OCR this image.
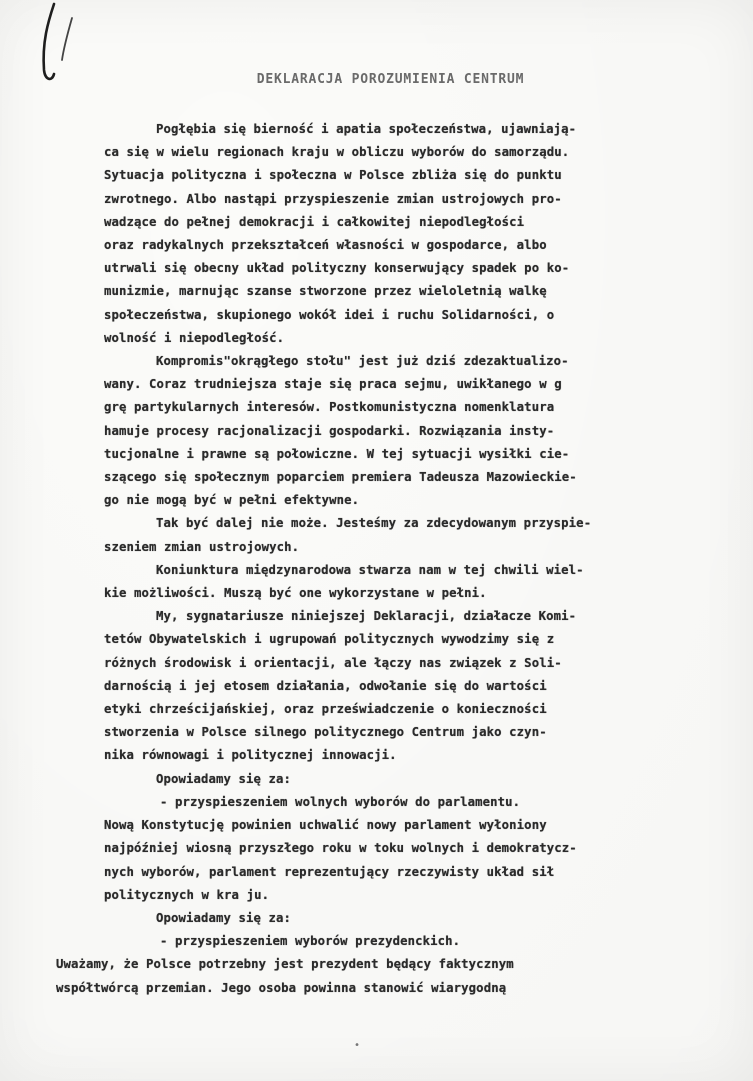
DEKLARACJA POROZUMIENIA CENTRUM
Pogłębia się bierność i apatia społeczeństwa, ujawniają-
ca się w wielu regionach kraju w obliczu wyborów do samorządu.
Sytuacja polityczna i społeczna w Polsce zbliża się do punktu
zwrotnego. Albo nastąpi przyspieszenie zmian ustrojowych pro-
wadzące do pełnej demokracji i całkowitej niepodległości
oraz radykalnych przekształceń własności w gospodarce, albo
utrwali się obecny układ polityczny konserwujący spadek po ko-
munizmie, marnując szanse stworzone przez wieloletnią walkę
społeczeństwa, skupionego wokół idei i ruchu Solidarności, o
wolność i niepodległość.
Kompromis"okrągłego stołu" jest już dziś zdezaktualizo-
wany. Coraz trudniejsza staje się praca sejmu, uwikłanego w g
grę partykularnych interesów. Postkomunistyczna nomenklatura
hamuje procesy racjonalizacji gospodarki. Rozwiązania insty-
tucjonalne i prawne są połowiczne. W tej sytuacji wysiłki cie-
szącego się społecznym poparciem premiera Tadeusza Mazowieckie-
go nie mogą być w pełni efektywne.
Tak być dalej nie może. Jesteśmy za zdecydowanym przyspie-
szeniem zmian ustrojowych.
Koniunktura międzynarodowa stwarza nam w tej chwili wiel-
kie możliwości. Muszą być one wykorzystane w pełni.
My, sygnatariusze niniejszej Deklaracji, działacze Komi-
tetów Obywatelskich i ugrupowań politycznych wywodzimy się z
różnych środowisk i orientacji, ale łączy nas związek z Soli-
darnością i jej etosem działania, odwołanie się do wartości
etyki chrześcijańskiej, oraz przeświadczenie o konieczności
stworzenia w Polsce silnego politycznego Centrum jako czyn-
nika równowagi i politycznej innowacji.
Opowiadamy się za:
- przyspieszeniem wolnych wyborów do parlamentu.
Nową Konstytucję powinien uchwalić nowy parlament wyłoniony
najpóźniej wiosną przyszłego roku w toku wolnych i demokratycz-
nych wyborów, parlament reprezentujący rzeczywisty układ sił
politycznych w kra ju.
Opowiadamy się za:
- przyspieszeniem wyborów prezydenckich.
Uważamy, że Polsce potrzebny jest prezydent będący faktycznym
współtwórcą przemian. Jego osoba powinna stanowić wiarygodną
•
